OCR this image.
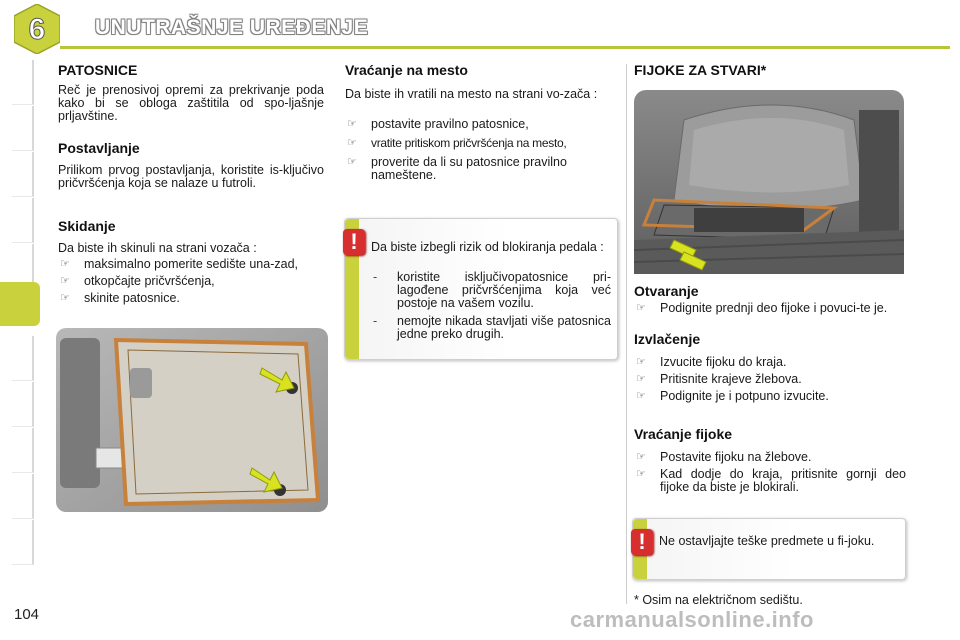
6 UNUTRAŠNJE UREĐENJE
PATOSNICE

Reč je prenosivoj opremi za prekrivanje poda kako bi se obloga zaštitila od spo-ljašnje prljavštine.

Postavljanje

Prilikom prvog postavljanja, koristite is-ključivo pričvršćenja koja se nalaze u futroli.

Skidanje

Da biste ih skinuli na strani vozača :

☞ maksimalno pomerite sedište una-zad,
☞ otkopčajte pričvršćenja,
☞ skinite patosnice.
Vraćanje na mesto

Da biste ih vratili na mesto na strani vo-zača :

☞ postavite pravilno patosnice,
☞ vratite pritiskom pričvršćenja na mesto,
☞ proverite da li su patosnice pravilno nameštene.
!	Da biste izbegli rizik od blokiranja pedala :

- koristite isključivopatosnice pri-lagođene pričvršćenjima koja već postoje na vašem vozilu.
- nemojte nikada stavljati više patosnica jedne preko drugih.
FIJOKE ZA STVARI*
Otvaranje
☞ Podignite prednji deo fijoke i povuci-te je.
Izvlačenje
☞ Izvucite fijoku do kraja.
☞ Pritisnite krajeve žlebova.
☞ Podignite je i potpuno izvucite.
Vraćanje fijoke
☞ Postavite fijoku na žlebove.
☞ Kad dodje do kraja, pritisnite gornji deo fijoke da biste je blokirali.
!	Ne ostavljajte teške predmete u fi-joku.

* Osim na električnom sedištu.
104	carmanualsonline.info
